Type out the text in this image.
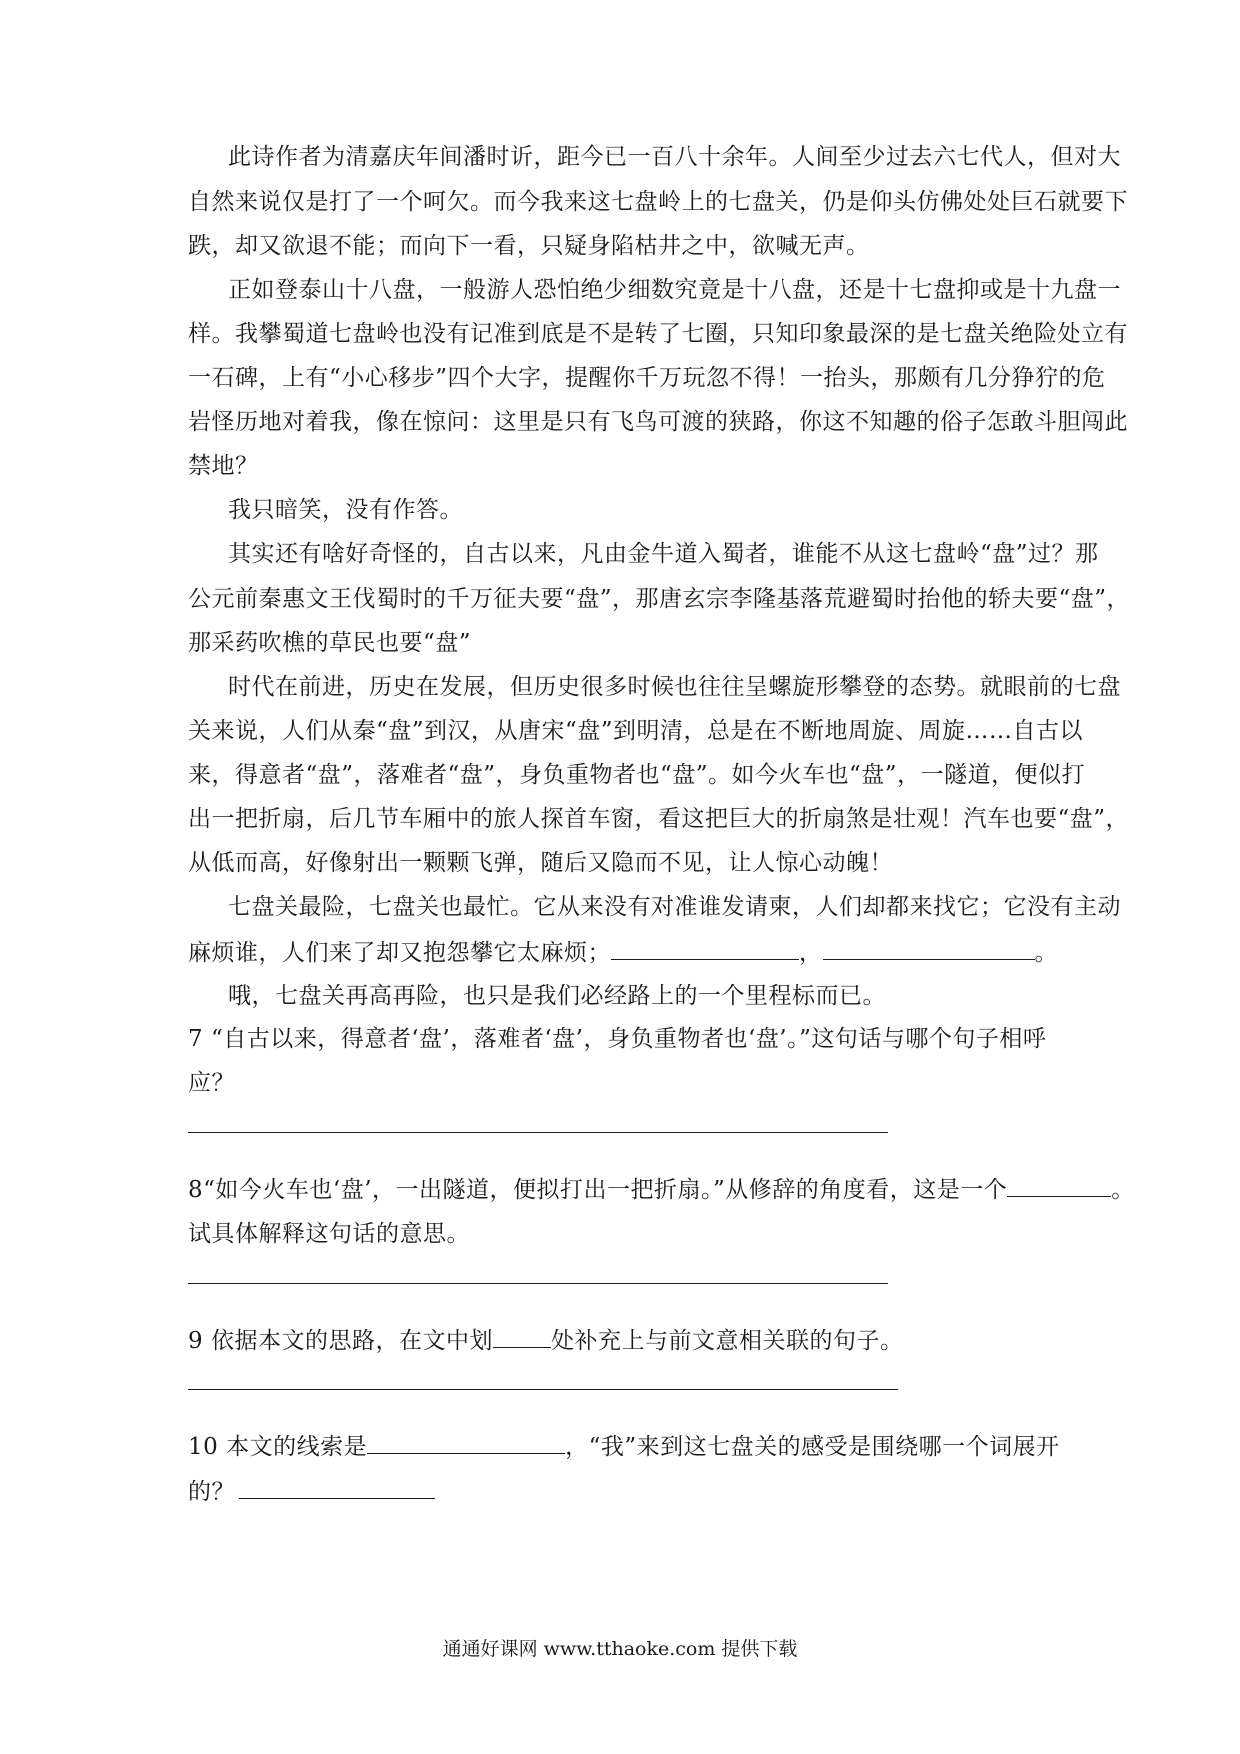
此诗作者为清嘉庆年间潘时䜣，距今已一百八十余年。人间至少过去六七代人，但对大
自然来说仅是打了一个呵欠。而今我来这七盘岭上的七盘关，仍是仰头仿佛处处巨石就要下
跌，却又欲退不能；而向下一看，只疑身陷枯井之中，欲喊无声。
正如登泰山十八盘，一般游人恐怕绝少细数究竟是十八盘，还是十七盘抑或是十九盘一
样。我攀蜀道七盘岭也没有记准到底是不是转了七圈，只知印象最深的是七盘关绝险处立有
一石碑，上有“小心移步”四个大字，提醒你千万玩忽不得！一抬头，那颇有几分狰狞的危
岩怪历地对着我，像在惊问：这里是只有飞鸟可渡的狭路，你这不知趣的俗子怎敢斗胆闯此
禁地？
我只暗笑，没有作答。
其实还有啥好奇怪的，自古以来，凡由金牛道入蜀者，谁能不从这七盘岭“盘”过？那
公元前秦惠文王伐蜀时的千万征夫要“盘”，那唐玄宗李隆基落荒避蜀时抬他的轿夫要“盘”，
那采药吹樵的草民也要“盘”
时代在前进，历史在发展，但历史很多时候也往往呈螺旋形攀登的态势。就眼前的七盘
关来说，人们从秦“盘”到汉，从唐宋“盘”到明清，总是在不断地周旋、周旋……自古以
来，得意者“盘”，落难者“盘”，身负重物者也“盘”。如今火车也“盘”，一隧道，便似打
出一把折扇，后几节车厢中的旅人探首车窗，看这把巨大的折扇煞是壮观！汽车也要“盘”，
从低而高，好像射出一颗颗飞弹，随后又隐而不见，让人惊心动魄！
七盘关最险，七盘关也最忙。它从来没有对准谁发请柬，人们却都来找它；它没有主动
麻烦谁，人们来了却又抱怨攀它太麻烦；	，	。
哦，七盘关再高再险，也只是我们必经路上的一个里程标而已。
7 “自古以来，得意者‘盘’，落难者‘盘’，身负重物者也‘盘’。”这句话与哪个句子相呼
应？
8“如今火车也‘盘’，一出隧道，便拟打出一把折扇。”从修辞的角度看，这是一个	。
试具体解释这句话的意思。
9 依据本文的思路，在文中划	处补充上与前文意相关联的句子。
10 本文的线索是	，“我”来到这七盘关的感受是围绕哪一个词展开
的？
通通好课网 www.tthaoke.com 提供下载
